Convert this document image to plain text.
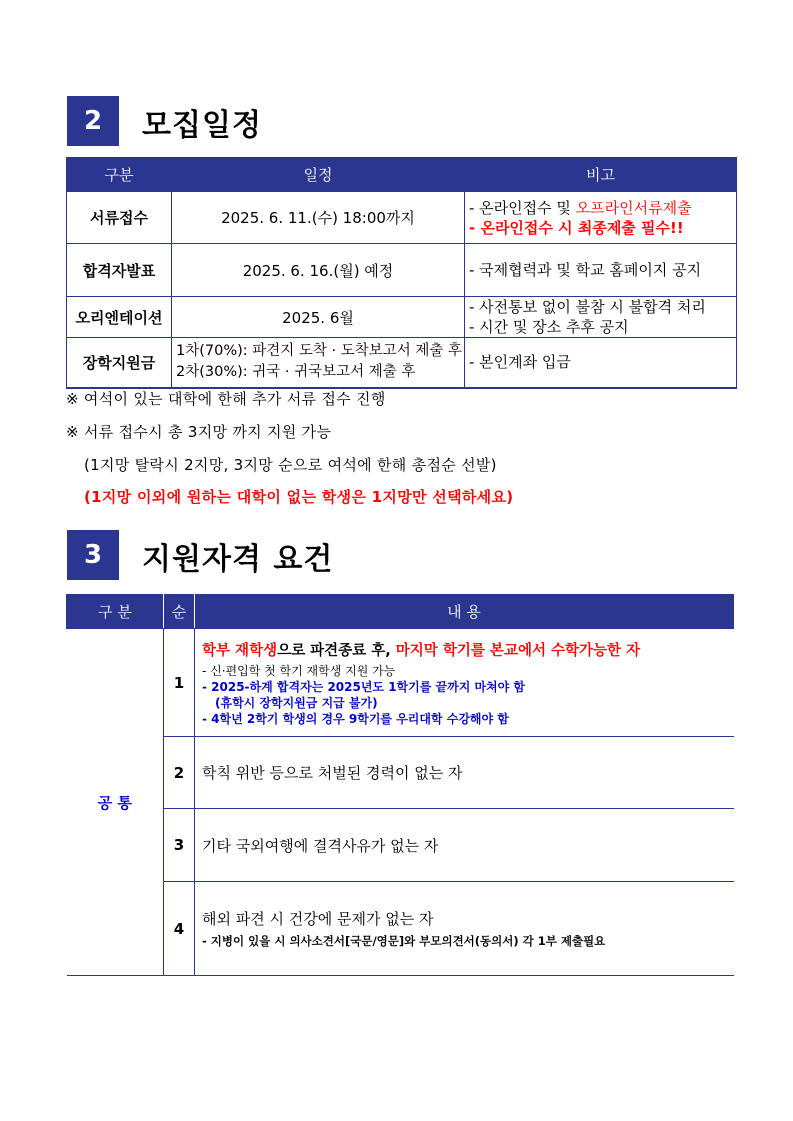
2	모집일정
구분	일정	비고
서류접수	2025. 6. 11.(수) 18:00까지	- 온라인접수 및 오프라인서류제출
- 온라인접수 시 최종제출 필수!!

합격자발표	2025. 6. 16.(월) 예정	- 국제협력과 및 학교 홈페이지 공지

오리엔테이션	2025. 6월	- 사전통보 없이 불참 시 불합격 처리
- 시간 및 장소 추후 공지

장학지원금	1차(70%): 파견지 도착 · 도착보고서 제출 후
2차(30%): 귀국 · 귀국보고서 제출 후	- 본인계좌 입금
※ 여석이 있는 대학에 한해 추가 서류 접수 진행
※ 서류 접수시 총 3지망 까지 지원 가능
(1지망 탈락시 2지망, 3지망 순으로 여석에 한해 총점순 선발)
(1지망 이외에 원하는 대학이 없는 학생은 1지망만 선택하세요)
3	지원자격 요건
구 분	순	내 용
공 통	1	학부 재학생으로 파견종료 후, 마지막 학기를 본교에서 수학가능한 자
- 신·편입학 첫 학기 재학생 지원 가능
- 2025-하계 합격자는 2025년도 1학기를 끝까지 마쳐야 함
(휴학시 장학지원금 지급 불가)
- 4학년 2학기 학생의 경우 9학기를 우리대학 수강해야 함

	2	학칙 위반 등으로 처벌된 경력이 없는 자
	3	기타 국외여행에 결격사유가 없는 자
	4	해외 파견 시 건강에 문제가 없는 자
- 지병이 있을 시 의사소견서[국문/영문]와 부모의견서(동의서) 각 1부 제출필요
